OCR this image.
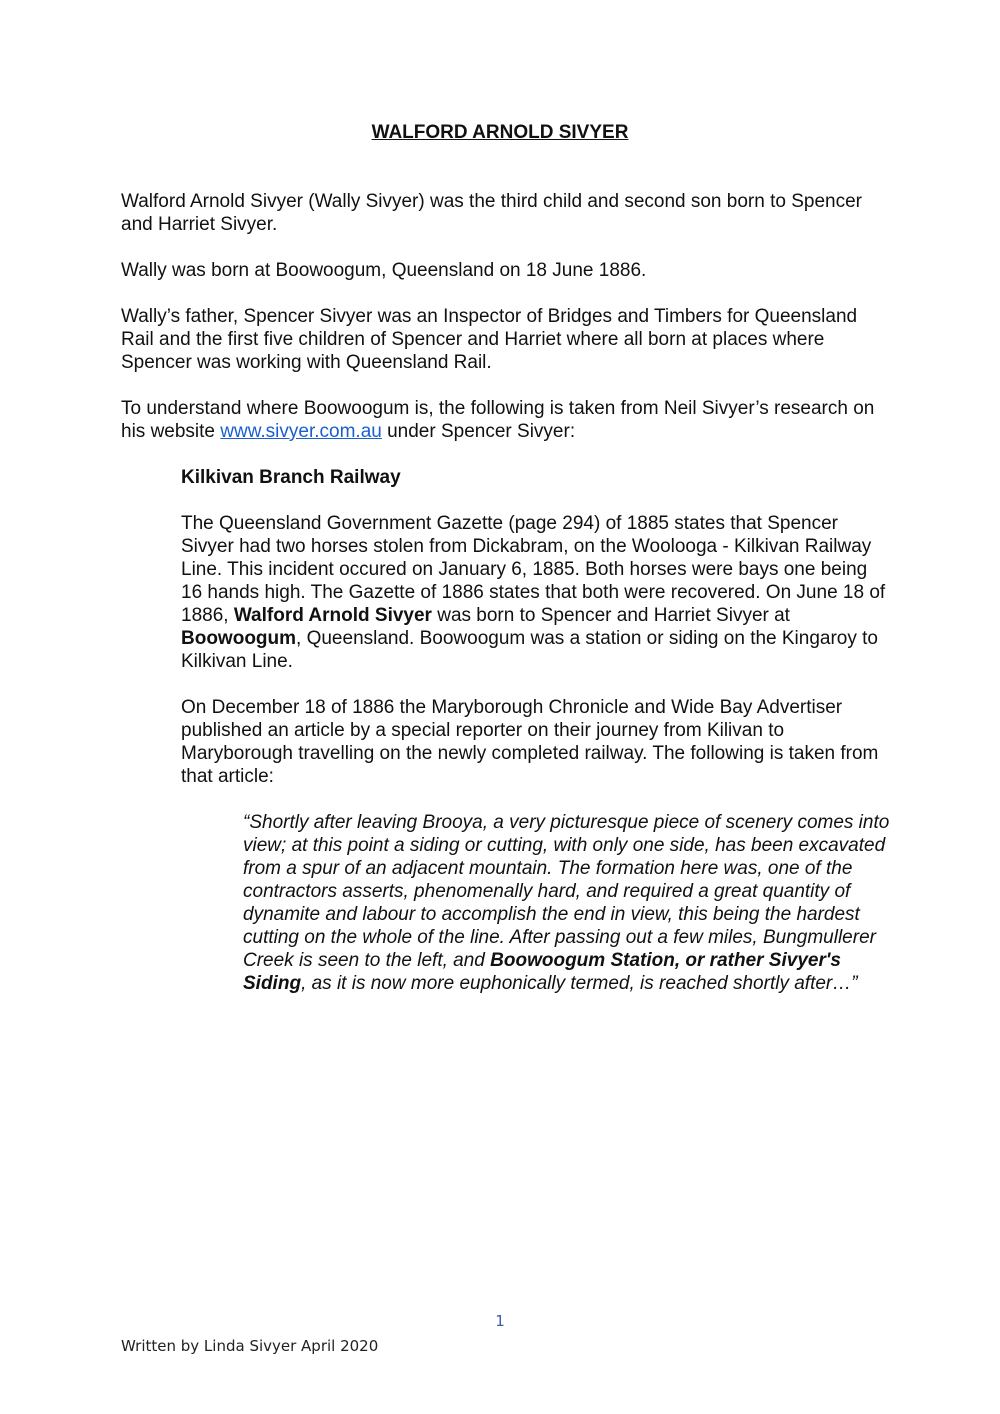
WALFORD ARNOLD SIVYER

Walford Arnold Sivyer (Wally Sivyer) was the third child and second son born to Spencer and Harriet Sivyer.

Wally was born at Boowoogum, Queensland on 18 June 1886.

Wally’s father, Spencer Sivyer was an Inspector of Bridges and Timbers for Queensland Rail and the first five children of Spencer and Harriet where all born at places where Spencer was working with Queensland Rail.

To understand where Boowoogum is, the following is taken from Neil Sivyer’s research on his website www.sivyer.com.au under Spencer Sivyer:

Kilkivan Branch Railway

The Queensland Government Gazette (page 294) of 1885 states that Spencer Sivyer had two horses stolen from Dickabram, on the Woolooga - Kilkivan Railway Line. This incident occured on January 6, 1885. Both horses were bays one being 16 hands high. The Gazette of 1886 states that both were recovered. On June 18 of 1886, Walford Arnold Sivyer was born to Spencer and Harriet Sivyer at Boowoogum, Queensland. Boowoogum was a station or siding on the Kingaroy to Kilkivan Line.

On December 18 of 1886 the Maryborough Chronicle and Wide Bay Advertiser published an article by a special reporter on their journey from Kilivan to Maryborough travelling on the newly completed railway. The following is taken from that article:

“Shortly after leaving Brooya, a very picturesque piece of scenery comes into view; at this point a siding or cutting, with only one side, has been excavated from a spur of an adjacent mountain. The formation here was, one of the contractors asserts, phenomenally hard, and required a great quantity of dynamite and labour to accomplish the end in view, this being the hardest cutting on the whole of the line. After passing out a few miles, Bungmullerer Creek is seen to the left, and Boowoogum Station, or rather Sivyer's Siding, as it is now more euphonically termed, is reached shortly after…”

1
Written by Linda Sivyer April 2020
